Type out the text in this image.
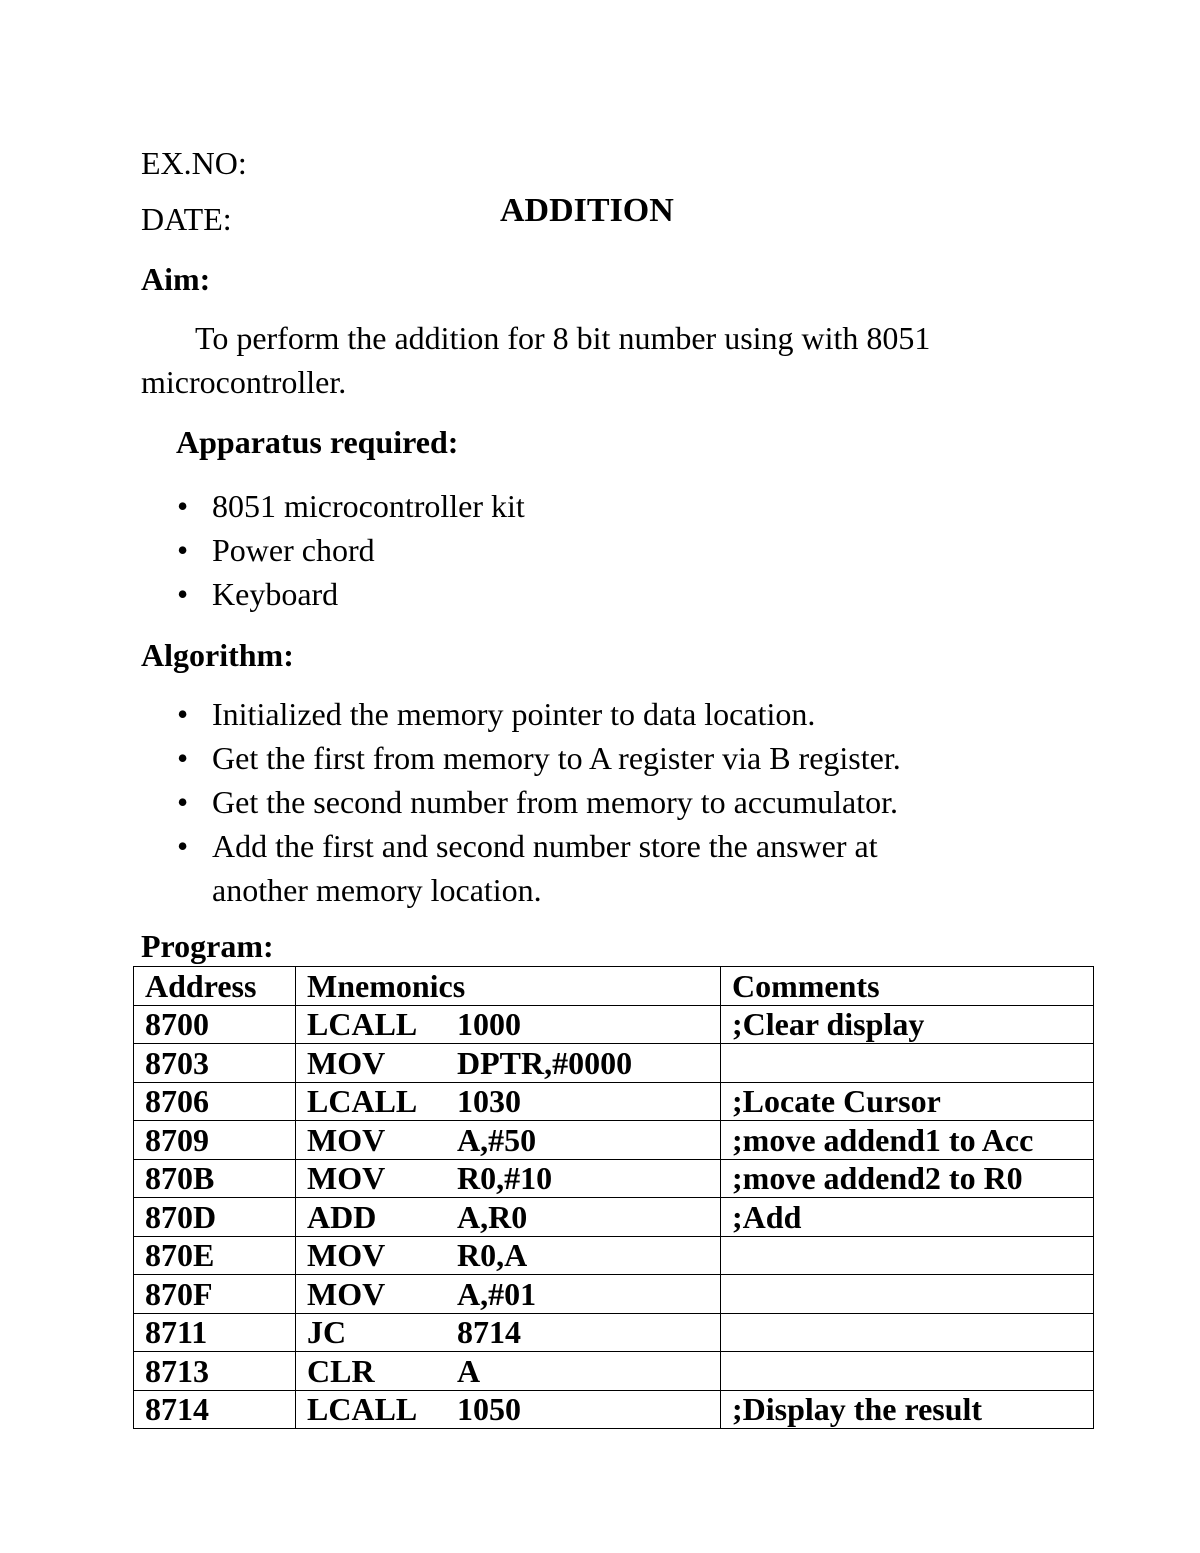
EX.NO:
DATE:	ADDITION
Aim:
To perform the addition for 8 bit number using with 8051
microcontroller.
Apparatus required:
• 8051 microcontroller kit
• Power chord
• Keyboard
Algorithm:
• Initialized the memory pointer to data location.
• Get the first from memory to A register via B register.
• Get the second number from memory to accumulator.
• Add the first and second number store the answer at another memory location.
Program:
Address	Mnemonics	Comments
8700	LCALL 1000	;Clear display
8703	MOV DPTR,#0000	
8706	LCALL 1030	;Locate Cursor
8709	MOV A,#50	;move addend1 to Acc
870B	MOV R0,#10	;move addend2 to R0
870D	ADD A,R0	;Add
870E	MOV R0,A	
870F	MOV A,#01	
8711	JC 8714	
8713	CLR A	
8714	LCALL 1050	;Display the result
